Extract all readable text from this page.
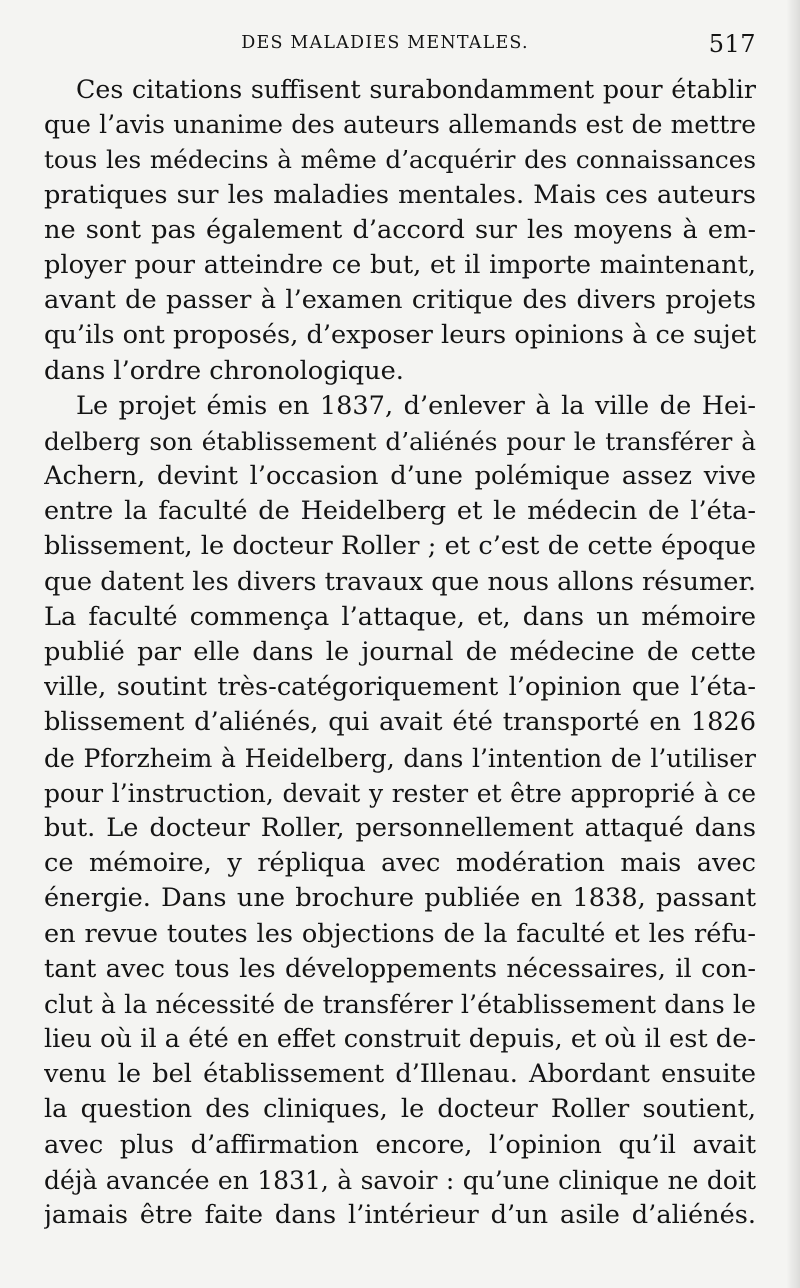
DES MALADIES MENTALES.	517
Ces citations suffisent surabondamment pour établir
que l’avis unanime des auteurs allemands est de mettre
tous les médecins à même d’acquérir des connaissances
pratiques sur les maladies mentales. Mais ces auteurs
ne sont pas également d’accord sur les moyens à em-
ployer pour atteindre ce but, et il importe maintenant,
avant de passer à l’examen critique des divers projets
qu’ils ont proposés, d’exposer leurs opinions à ce sujet
dans l’ordre chronologique.
Le projet émis en 1837, d’enlever à la ville de Hei-
delberg son établissement d’aliénés pour le transférer à
Achern, devint l’occasion d’une polémique assez vive
entre la faculté de Heidelberg et le médecin de l’éta-
blissement, le docteur Roller ; et c’est de cette époque
que datent les divers travaux que nous allons résumer.
La faculté commença l’attaque, et, dans un mémoire
publié par elle dans le journal de médecine de cette
ville, soutint très-catégoriquement l’opinion que l’éta-
blissement d’aliénés, qui avait été transporté en 1826
de Pforzheim à Heidelberg, dans l’intention de l’utiliser
pour l’instruction, devait y rester et être approprié à ce
but. Le docteur Roller, personnellement attaqué dans
ce mémoire, y répliqua avec modération mais avec
énergie. Dans une brochure publiée en 1838, passant
en revue toutes les objections de la faculté et les réfu-
tant avec tous les développements nécessaires, il con-
clut à la nécessité de transférer l’établissement dans le
lieu où il a été en effet construit depuis, et où il est de-
venu le bel établissement d’Illenau. Abordant ensuite
la question des cliniques, le docteur Roller soutient,
avec plus d’affirmation encore, l’opinion qu’il avait
déjà avancée en 1831, à savoir : qu’une clinique ne doit
jamais être faite dans l’intérieur d’un asile d’aliénés.
